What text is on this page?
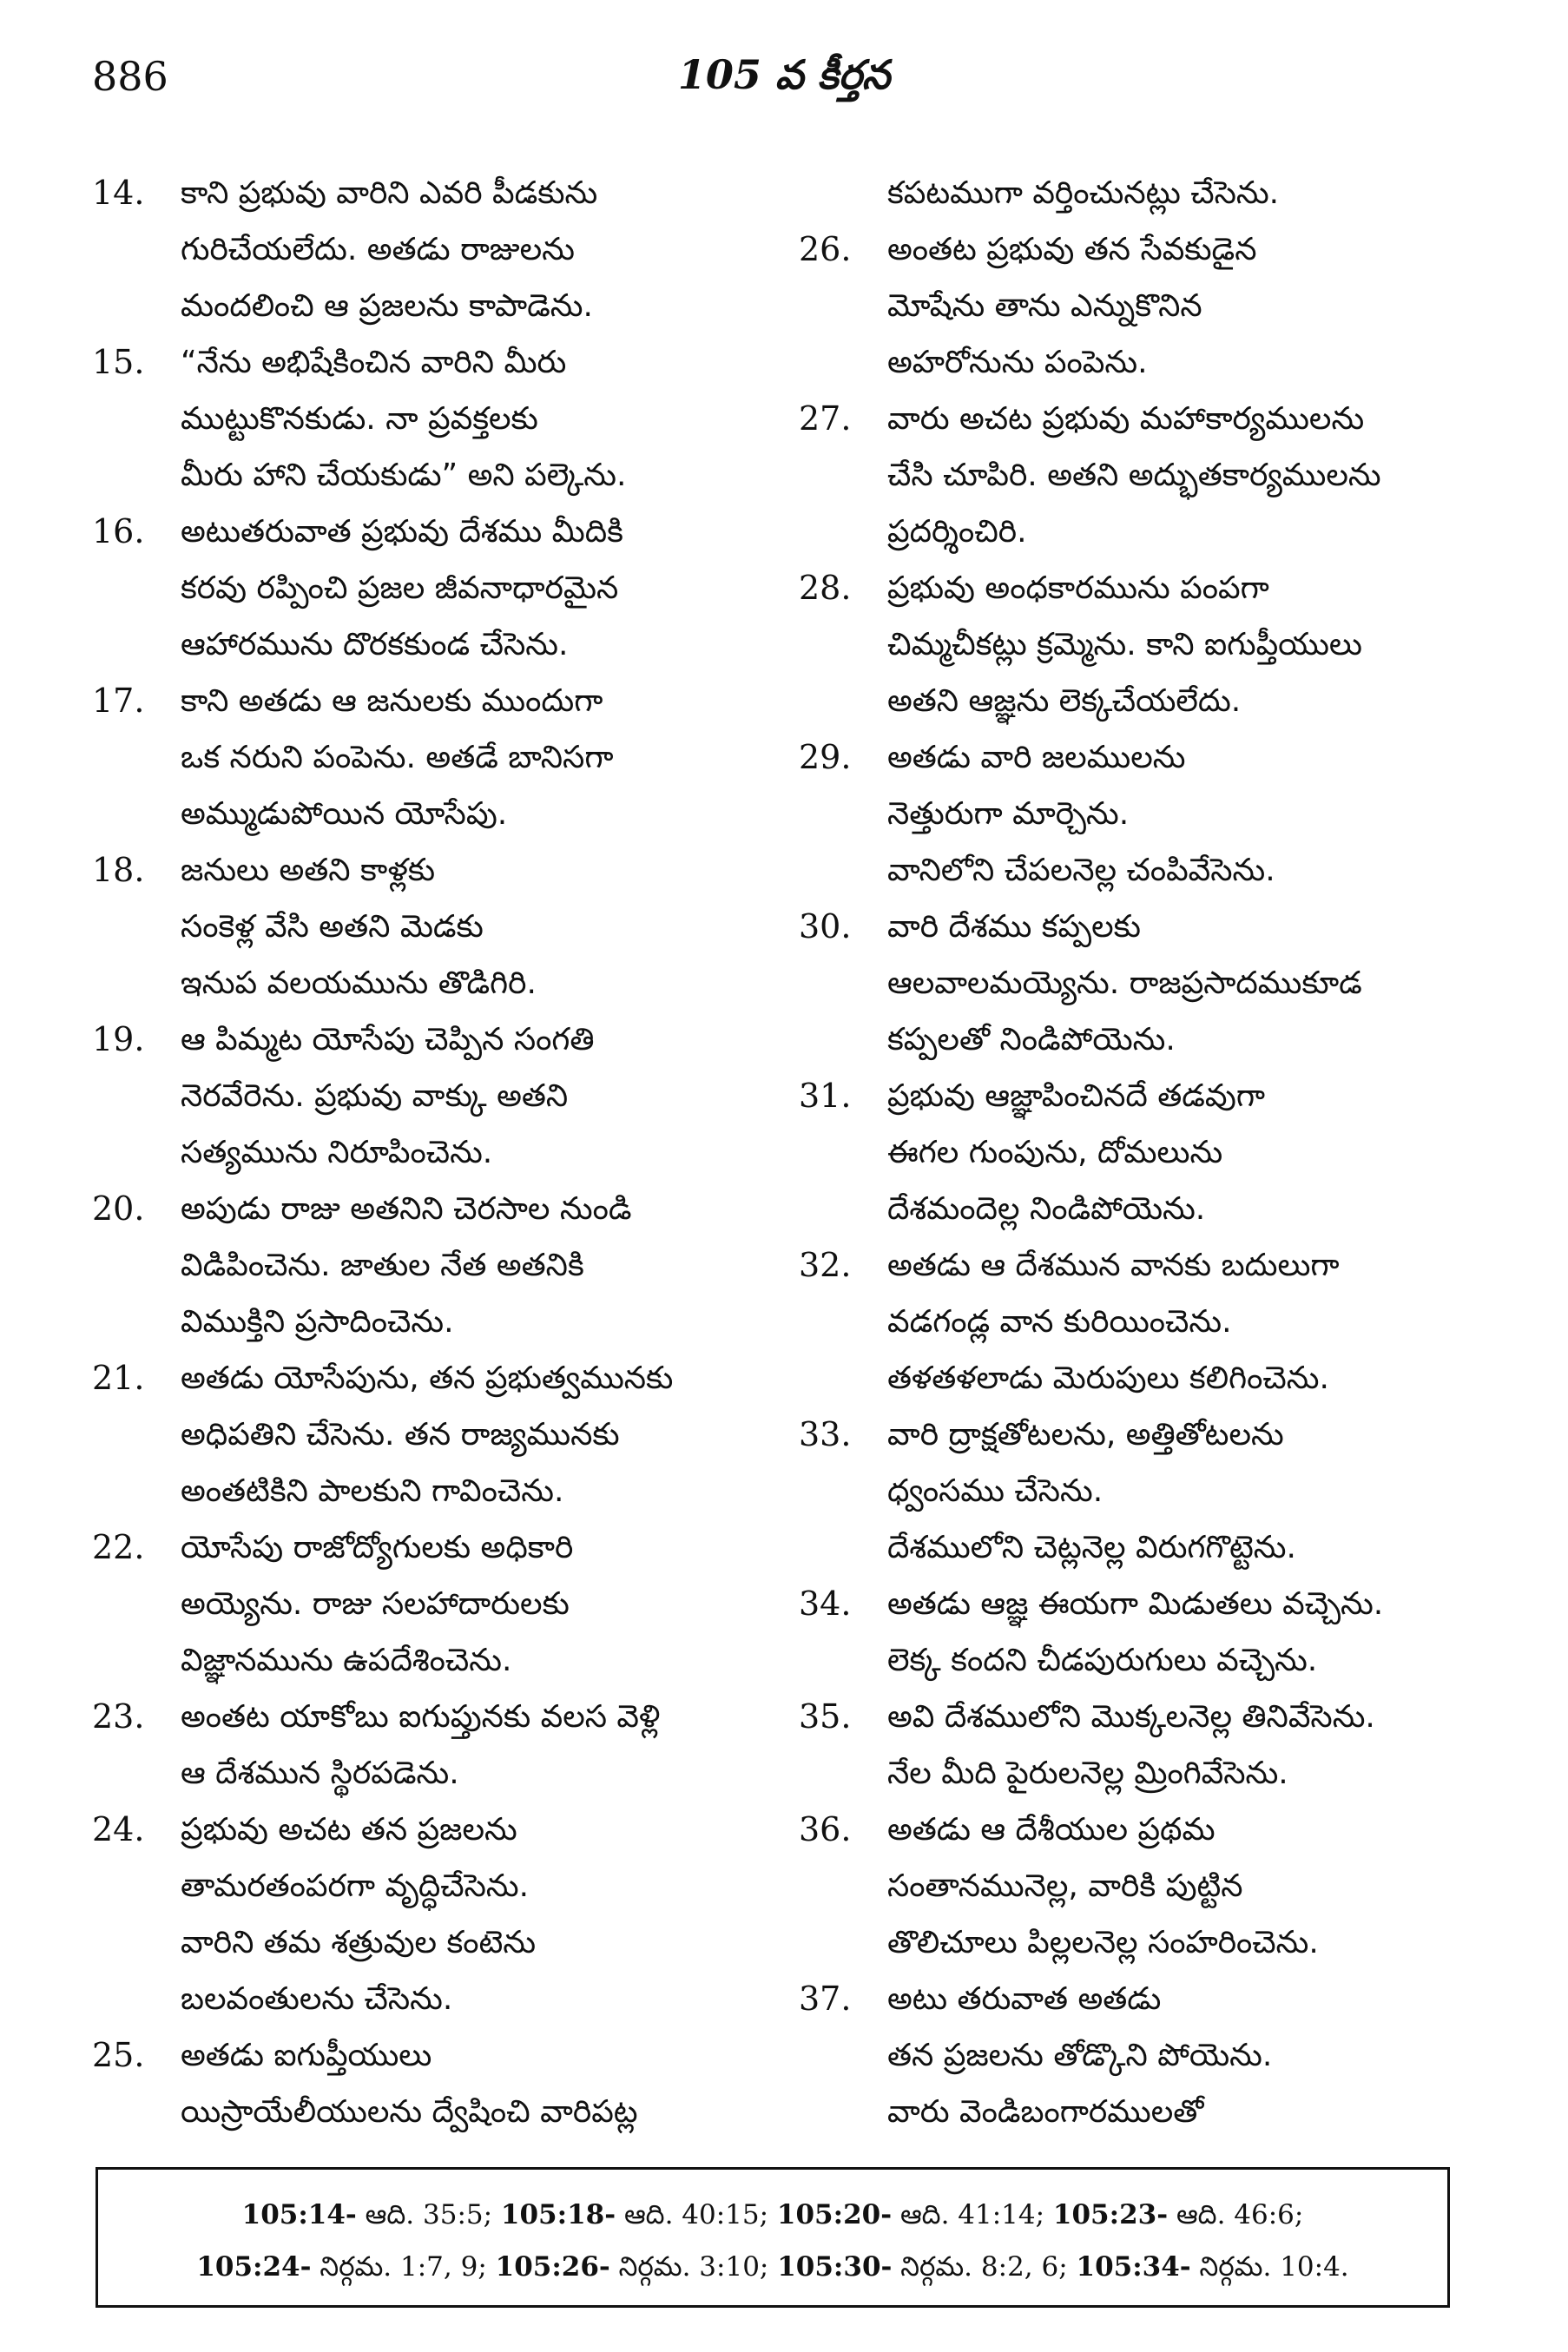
886	105 వ కీర్తన
14.	కాని ప్రభువు వారిని ఎవరి పీడకును
గురిచేయలేదు. అతడు రాజులను
మందలించి ఆ ప్రజలను కాపాడెను.
15.	“నేను అభిషేకించిన వారిని మీరు
ముట్టుకొనకుడు. నా ప్రవక్తలకు
మీరు హాని చేయకుడు” అని పల్కెను.
16.	అటుతరువాత ప్రభువు దేశము మీదికి
కరవు రప్పించి ప్రజల జీవనాధారమైన
ఆహారమును దొరకకుండ చేసెను.
17.	కాని అతడు ఆ జనులకు ముందుగా
ఒక నరుని పంపెను. అతడే బానిసగా
అమ్ముడుపోయిన యోసేపు.
18.	జనులు అతని కాళ్లకు
సంకెళ్ల వేసి అతని మెడకు
ఇనుప వలయమును తొడిగిరి.
19.	ఆ పిమ్మట యోసేపు చెప్పిన సంగతి
నెరవేరెను. ప్రభువు వాక్కు అతని
సత్యమును నిరూపించెను.
20.	అపుడు రాజు అతనిని చెరసాల నుండి
విడిపించెను. జాతుల నేత అతనికి
విముక్తిని ప్రసాదించెను.
21.	అతడు యోసేపును, తన ప్రభుత్వమునకు
అధిపతిని చేసెను. తన రాజ్యమునకు
అంతటికిని పాలకుని గావించెను.
22.	యోసేపు రాజోద్యోగులకు అధికారి
అయ్యెను. రాజు సలహాదారులకు
విజ్ఞానమును ఉపదేశించెను.
23.	అంతట యాకోబు ఐగుప్తునకు వలస వెళ్లి
ఆ దేశమున స్థిరపడెను.
24.	ప్రభువు అచట తన ప్రజలను
తామరతంపరగా వృద్ధిచేసెను.
వారిని తమ శత్రువుల కంటెను
బలవంతులను చేసెను.
25.	అతడు ఐగుప్తీయులు
యిస్రాయేలీయులను ద్వేషించి వారిపట్ల
కపటముగా వర్తించునట్లు చేసెను.
26.	అంతట ప్రభువు తన సేవకుడైన
మోషేను తాను ఎన్నుకొనిన
అహరోనును పంపెను.
27.	వారు అచట ప్రభువు మహాకార్యములను
చేసి చూపిరి. అతని అద్భుతకార్యములను
ప్రదర్శించిరి.
28.	ప్రభువు అంధకారమును పంపగా
చిమ్మచీకట్లు క్రమ్మెను. కాని ఐగుప్తీయులు
అతని ఆజ్ఞను లెక్కచేయలేదు.
29.	అతడు వారి జలములను
నెత్తురుగా మార్చెను.
వానిలోని చేపలనెల్ల చంపివేసెను.
30.	వారి దేశము కప్పలకు
ఆలవాలమయ్యెను. రాజప్రసాదముకూడ
కప్పలతో నిండిపోయెను.
31.	ప్రభువు ఆజ్ఞాపించినదే తడవుగా
ఈగల గుంపును, దోమలును
దేశమందెల్ల నిండిపోయెను.
32.	అతడు ఆ దేశమున వానకు బదులుగా
వడగండ్ల వాన కురియించెను.
తళతళలాడు మెరుపులు కలిగించెను.
33.	వారి ద్రాక్షతోటలను, అత్తితోటలను
ధ్వంసము చేసెను.
దేశములోని చెట్లనెల్ల విరుగగొట్టెను.
34.	అతడు ఆజ్ఞ ఈయగా మిడుతలు వచ్చెను.
లెక్క కందని చీడపురుగులు వచ్చెను.
35.	అవి దేశములోని మొక్కలనెల్ల తినివేసెను.
నేల మీది పైరులనెల్ల మ్రింగివేసెను.
36.	అతడు ఆ దేశీయుల ప్రథమ
సంతానమునెల్ల, వారికి పుట్టిన
తొలిచూలు పిల్లలనెల్ల సంహరించెను.
37.	అటు తరువాత అతడు
తన ప్రజలను తోడ్కొని పోయెను.
వారు వెండిబంగారములతో
105:14- ఆది. 35:5; 105:18- ఆది. 40:15; 105:20- ఆది. 41:14; 105:23- ఆది. 46:6;
105:24- నిర్గమ. 1:7, 9; 105:26- నిర్గమ. 3:10; 105:30- నిర్గమ. 8:2, 6; 105:34- నిర్గమ. 10:4.
